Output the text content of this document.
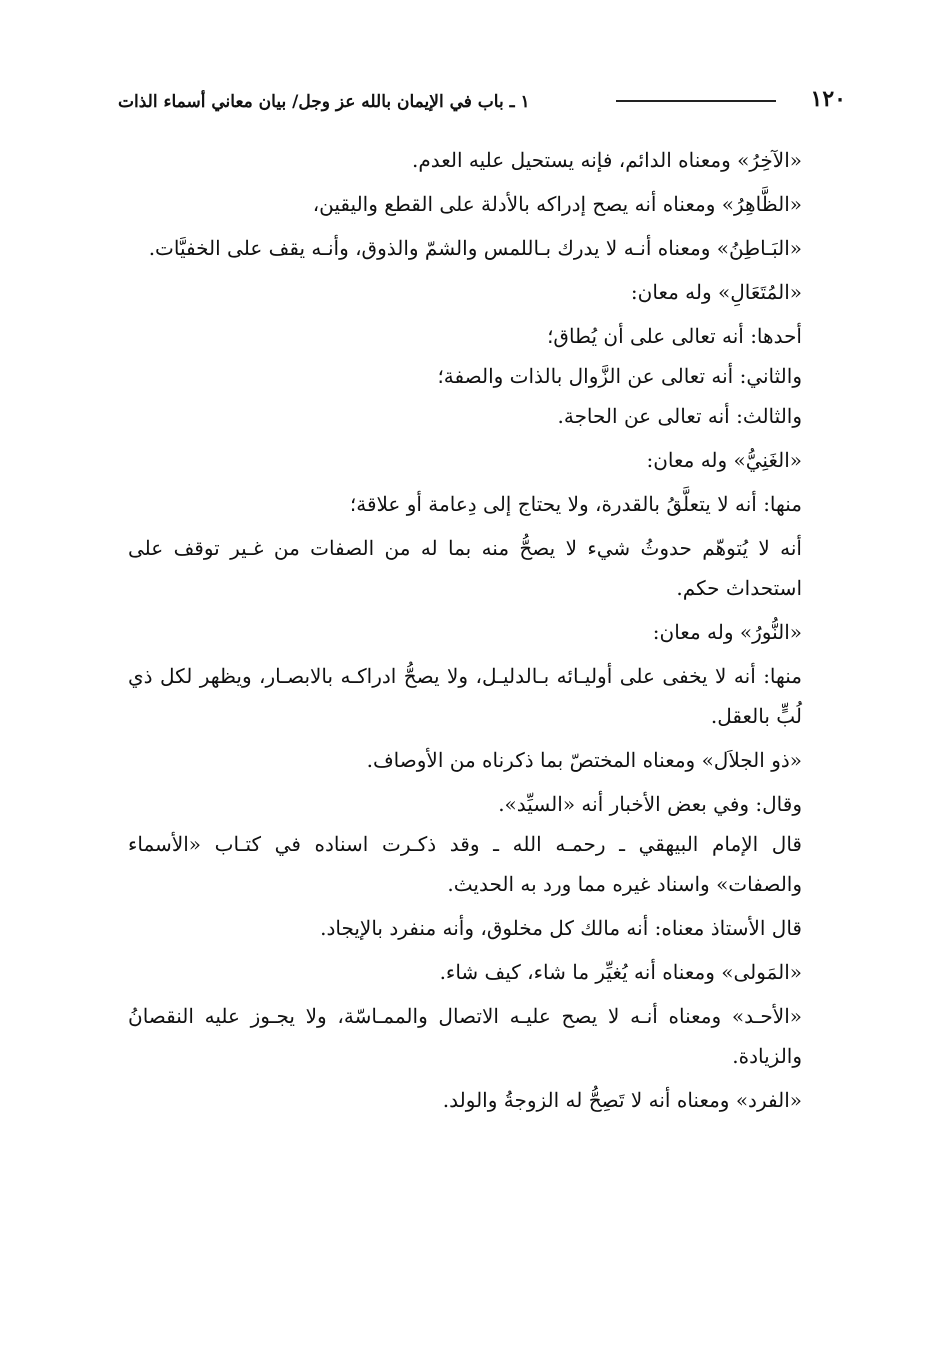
١٢٠
١ ـ باب في الإيمان بالله عز وجل/ بيان معاني أسماء الذات

«الآخِرُ» ومعناه الدائم، فإنه يستحيل عليه العدم.

«الظَّاهِرُ» ومعناه أنه يصح إدراكه بالأدلة على القطع واليقين،

«البَـاطِنُ» ومعناه أنـه لا يدرك بـاللمس والشمّ والذوق، وأنـه يقف على الخفيَّات.

«المُتَعَالِ» وله معان:

أحدها: أنه تعالى على أن يُطاق؛

والثاني: أنه تعالى عن الزَّوال بالذات والصفة؛

والثالث: أنه تعالى عن الحاجة.

«الغَنِيُّ» وله معان:

منها: أنه لا يتعلَّقُ بالقدرة، ولا يحتاج إلى دِعامة أو علاقة؛

أنه لا يُتوهّم حدوثُ شيء لا يصحُّ منه بما له من الصفات من غـير توقف على استحداث حكم.

«النُّورُ» وله معان:

منها: أنه لا يخفى على أوليـائه بـالدليـل، ولا يصحُّ ادراكـه بالابصـار، ويظهر لكل ذي لُبٍّ بالعقل.

«ذو الجلاَل» ومعناه المختصّ بما ذكرناه من الأوصاف.

وقال: وفي بعض الأخبار أنه «السيِّد».

قال الإمام البيهقي ـ رحمـه الله ـ وقد ذكـرت اسناده في كتـاب «الأسماء والصفات» واسناد غيره مما ورد به الحديث.

قال الأستاذ معناه: أنه مالك كل مخلوق، وأنه منفرد بالإيجاد.

«المَولى» ومعناه أنه يُغيِّر ما شاء، كيف شاء.

«الأحـد» ومعناه أنـه لا يصح عليـه الاتصال والممـاسّة، ولا يجـوز عليه النقصانُ والزيادة.

«الفرد» ومعناه أنه لا تَصِحُّ له الزوجةُ والولد.
